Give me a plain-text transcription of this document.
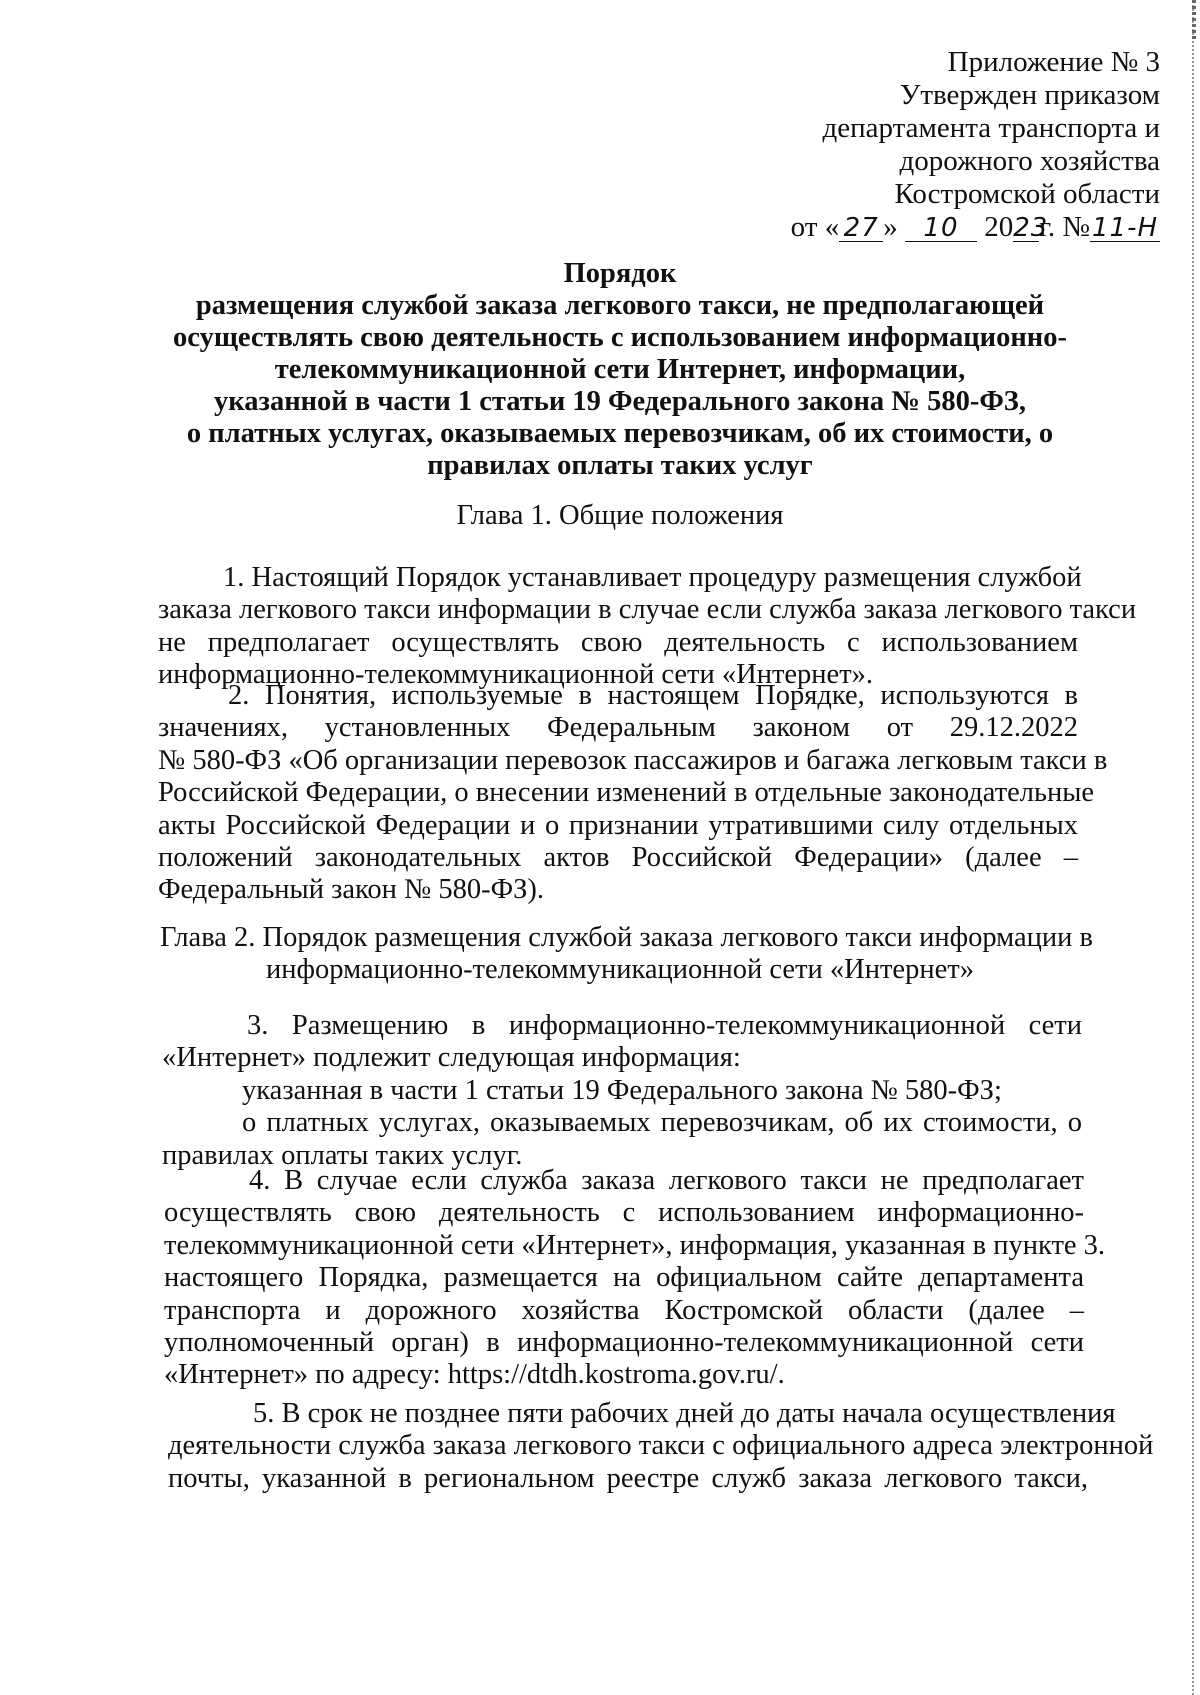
Приложение № 3
Утвержден приказом
департамента транспорта и
дорожного хозяйства
Костромской области
от « 27 » 10 2023г. №11-Н
Порядок
размещения службой заказа легкового такси, не предполагающей
осуществлять свою деятельность с использованием информационно-
телекоммуникационной сети Интернет, информации,
указанной в части 1 статьи 19 Федерального закона № 580-ФЗ,
о платных услугах, оказываемых перевозчикам, об их стоимости, о
правилах оплаты таких услуг
Глава 1. Общие положения
1. Настоящий Порядок устанавливает процедуру размещения службой
заказа легкового такси информации в случае если служба заказа легкового такси
не предполагает осуществлять свою деятельность с использованием
информационно-телекоммуникационной сети «Интернет».
2. Понятия, используемые в настоящем Порядке, используются в
значениях, установленных Федеральным законом от 29.12.2022
№ 580-ФЗ «Об организации перевозок пассажиров и багажа легковым такси в
Российской Федерации, о внесении изменений в отдельные законодательные
акты Российской Федерации и о признании утратившими силу отдельных
положений законодательных актов Российской Федерации» (далее –
Федеральный закон № 580-ФЗ).
Глава 2. Порядок размещения службой заказа легкового такси информации в
информационно-телекоммуникационной сети «Интернет»
3. Размещению в информационно-телекоммуникационной сети
«Интернет» подлежит следующая информация:
указанная в части 1 статьи 19 Федерального закона № 580-ФЗ;
о платных услугах, оказываемых перевозчикам, об их стоимости, о
правилах оплаты таких услуг.
4. В случае если служба заказа легкового такси не предполагает
осуществлять свою деятельность с использованием информационно-
телекоммуникационной сети «Интернет», информация, указанная в пункте 3.
настоящего Порядка, размещается на официальном сайте департамента
транспорта и дорожного хозяйства Костромской области (далее –
уполномоченный орган) в информационно-телекоммуникационной сети
«Интернет» по адресу: https://dtdh.kostroma.gov.ru/.
5. В срок не позднее пяти рабочих дней до даты начала осуществления
деятельности служба заказа легкового такси с официального адреса электронной
почты, указанной в региональном реестре служб заказа легкового такси,
